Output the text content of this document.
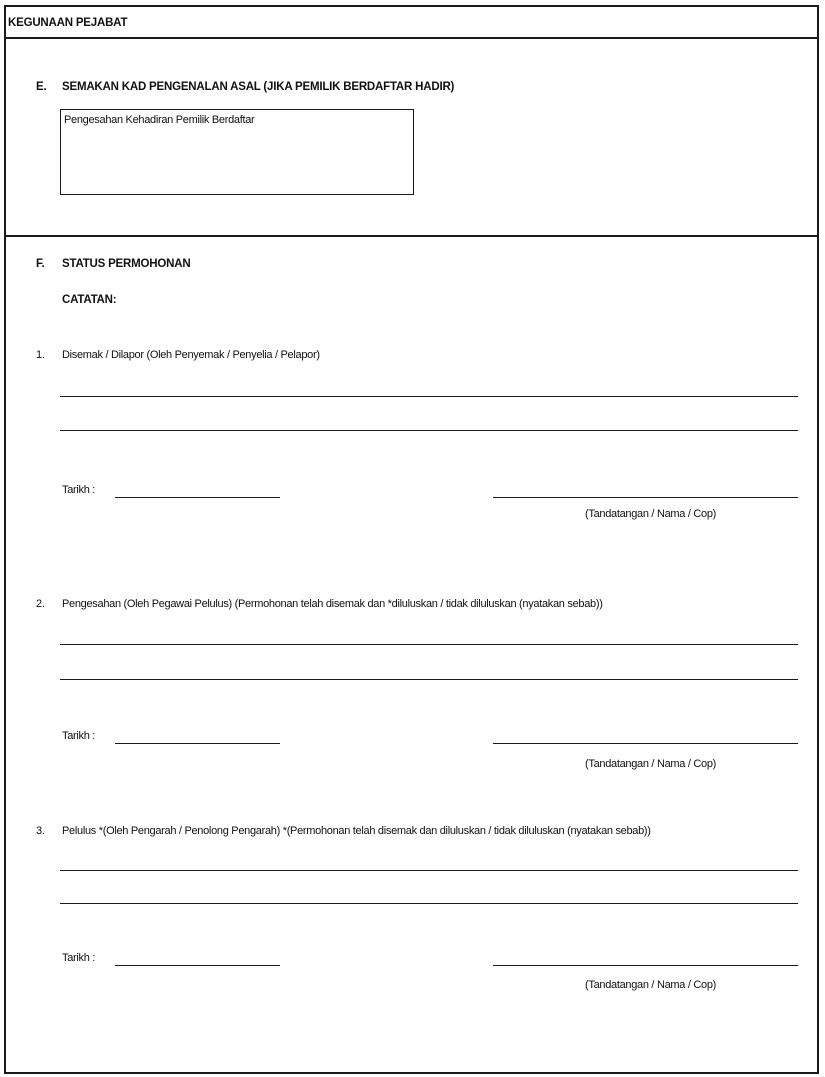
KEGUNAAN PEJABAT
E. SEMAKAN KAD PENGENALAN ASAL (JIKA PEMILIK BERDAFTAR HADIR)
Pengesahan Kehadiran Pemilik Berdaftar
F. STATUS PERMOHONAN
CATATAN:
1. Disemak / Dilapor (Oleh Penyemak / Penyelia / Pelapor)
Tarikh :
(Tandatangan / Nama / Cop)
2. Pengesahan (Oleh Pegawai Pelulus) (Permohonan telah disemak dan *diluluskan / tidak diluluskan (nyatakan sebab))
Tarikh :
(Tandatangan / Nama / Cop)
3. Pelulus *(Oleh Pengarah / Penolong Pengarah) *(Permohonan telah disemak dan diluluskan / tidak diluluskan (nyatakan sebab))
Tarikh :
(Tandatangan / Nama / Cop)
